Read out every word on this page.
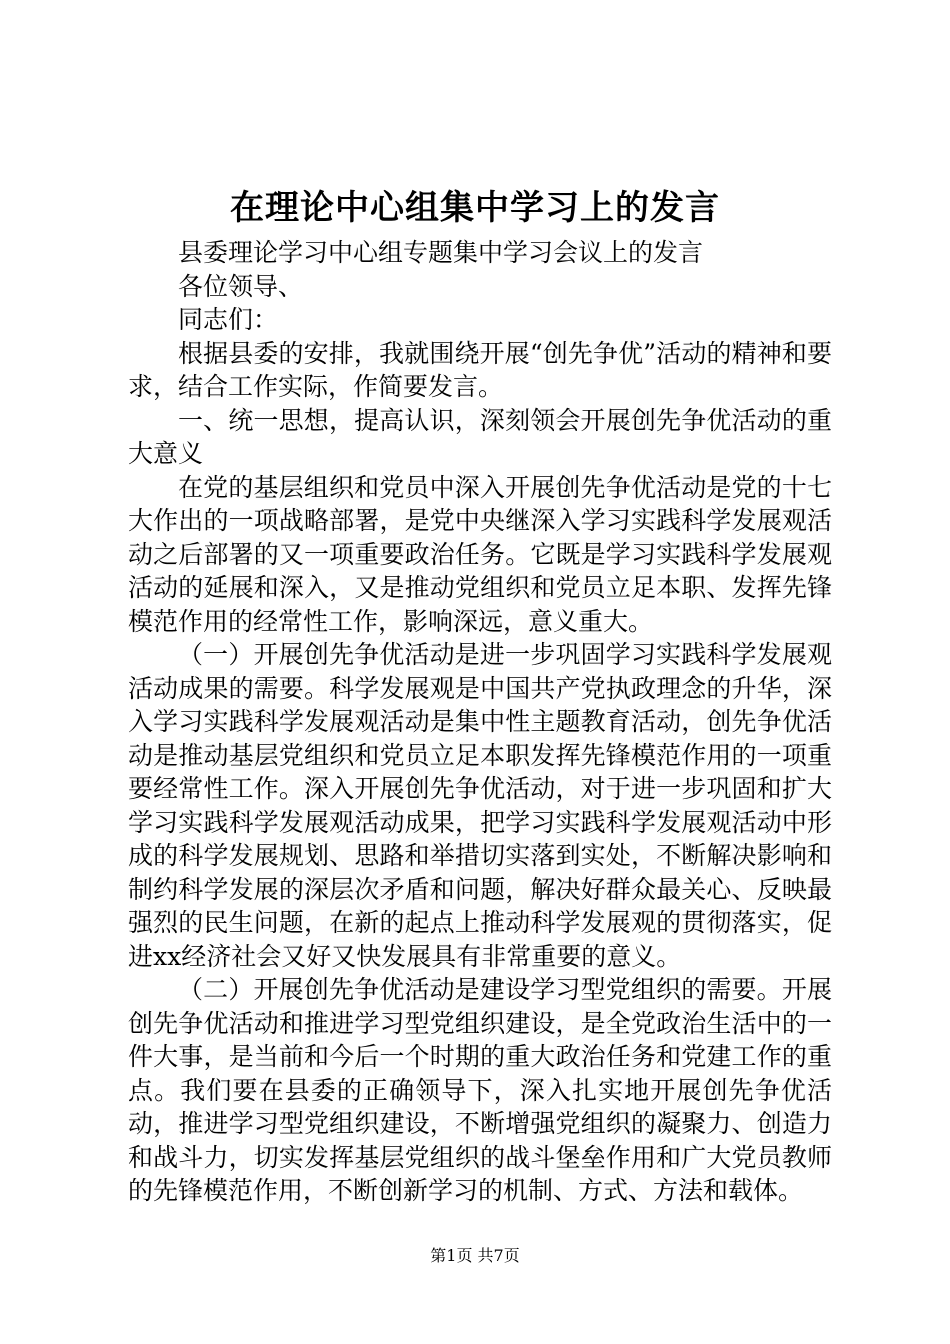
在理论中心组集中学习上的发言

县委理论学习中心组专题集中学习会议上的发言

各位领导、

同志们：

根据县委的安排，我就围绕开展“创先争优”活动的精神和要求，结合工作实际，作简要发言。

一、统一思想，提高认识，深刻领会开展创先争优活动的重大意义

在党的基层组织和党员中深入开展创先争优活动是党的十七大作出的一项战略部署，是党中央继深入学习实践科学发展观活动之后部署的又一项重要政治任务。它既是学习实践科学发展观活动的延展和深入，又是推动党组织和党员立足本职、发挥先锋模范作用的经常性工作，影响深远，意义重大。

（一）开展创先争优活动是进一步巩固学习实践科学发展观活动成果的需要。科学发展观是中国共产党执政理念的升华，深入学习实践科学发展观活动是集中性主题教育活动，创先争优活动是推动基层党组织和党员立足本职发挥先锋模范作用的一项重要经常性工作。深入开展创先争优活动，对于进一步巩固和扩大学习实践科学发展观活动成果，把学习实践科学发展观活动中形成的科学发展规划、思路和举措切实落到实处，不断解决影响和制约科学发展的深层次矛盾和问题，解决好群众最关心、反映最强烈的民生问题，在新的起点上推动科学发展观的贯彻落实，促进xx经济社会又好又快发展具有非常重要的意义。

（二）开展创先争优活动是建设学习型党组织的需要。开展创先争优活动和推进学习型党组织建设，是全党政治生活中的一件大事，是当前和今后一个时期的重大政治任务和党建工作的重点。我们要在县委的正确领导下，深入扎实地开展创先争优活动，推进学习型党组织建设，不断增强党组织的凝聚力、创造力和战斗力，切实发挥基层党组织的战斗堡垒作用和广大党员教师的先锋模范作用，不断创新学习的机制、方式、方法和载体。

第1页 共7页
